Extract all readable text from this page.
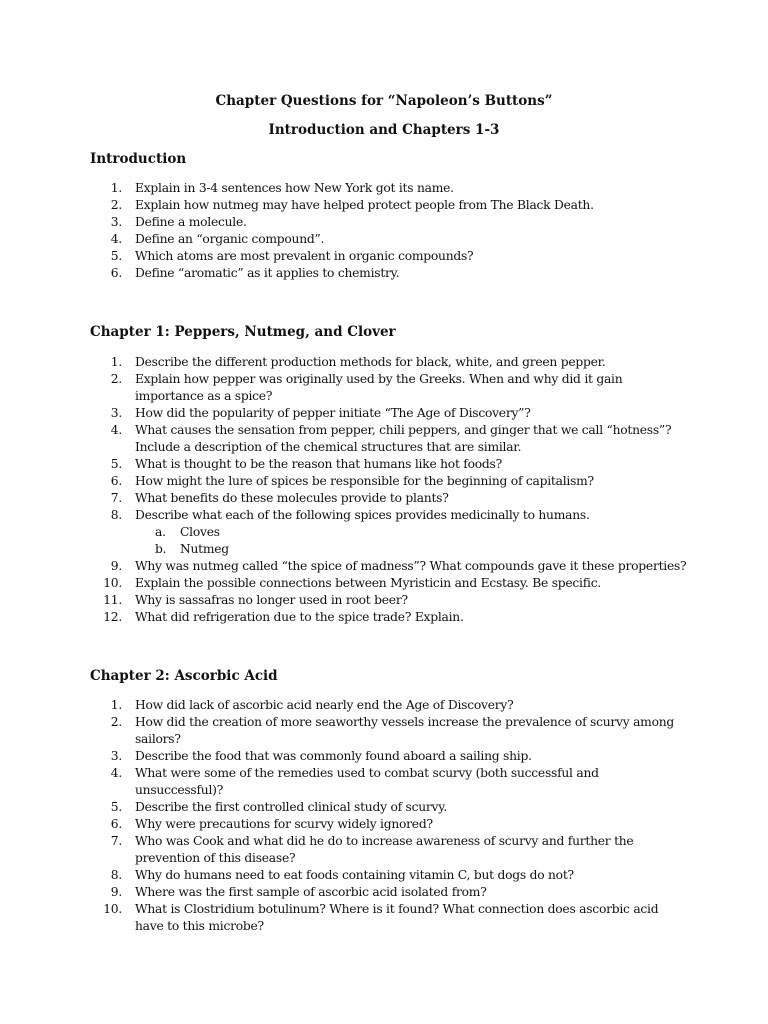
Chapter Questions for “Napoleon’s Buttons”
Introduction and Chapters 1-3
Introduction
1. Explain in 3-4 sentences how New York got its name.
2. Explain how nutmeg may have helped protect people from The Black Death.
3. Define a molecule.
4. Define an “organic compound”.
5. Which atoms are most prevalent in organic compounds?
6. Define “aromatic” as it applies to chemistry.
Chapter 1: Peppers, Nutmeg, and Clover
1. Describe the different production methods for black, white, and green pepper.
2. Explain how pepper was originally used by the Greeks. When and why did it gain importance as a spice?
3. How did the popularity of pepper initiate “The Age of Discovery”?
4. What causes the sensation from pepper, chili peppers, and ginger that we call “hotness”? Include a description of the chemical structures that are similar.
5. What is thought to be the reason that humans like hot foods?
6. How might the lure of spices be responsible for the beginning of capitalism?
7. What benefits do these molecules provide to plants?
8. Describe what each of the following spices provides medicinally to humans.
a. Cloves
b. Nutmeg
9. Why was nutmeg called “the spice of madness”? What compounds gave it these properties?
10. Explain the possible connections between Myristicin and Ecstasy. Be specific.
11. Why is sassafras no longer used in root beer?
12. What did refrigeration due to the spice trade? Explain.
Chapter 2: Ascorbic Acid
1. How did lack of ascorbic acid nearly end the Age of Discovery?
2. How did the creation of more seaworthy vessels increase the prevalence of scurvy among sailors?
3. Describe the food that was commonly found aboard a sailing ship.
4. What were some of the remedies used to combat scurvy (both successful and unsuccessful)?
5. Describe the first controlled clinical study of scurvy.
6. Why were precautions for scurvy widely ignored?
7. Who was Cook and what did he do to increase awareness of scurvy and further the prevention of this disease?
8. Why do humans need to eat foods containing vitamin C, but dogs do not?
9. Where was the first sample of ascorbic acid isolated from?
10. What is Clostridium botulinum? Where is it found? What connection does ascorbic acid have to this microbe?
